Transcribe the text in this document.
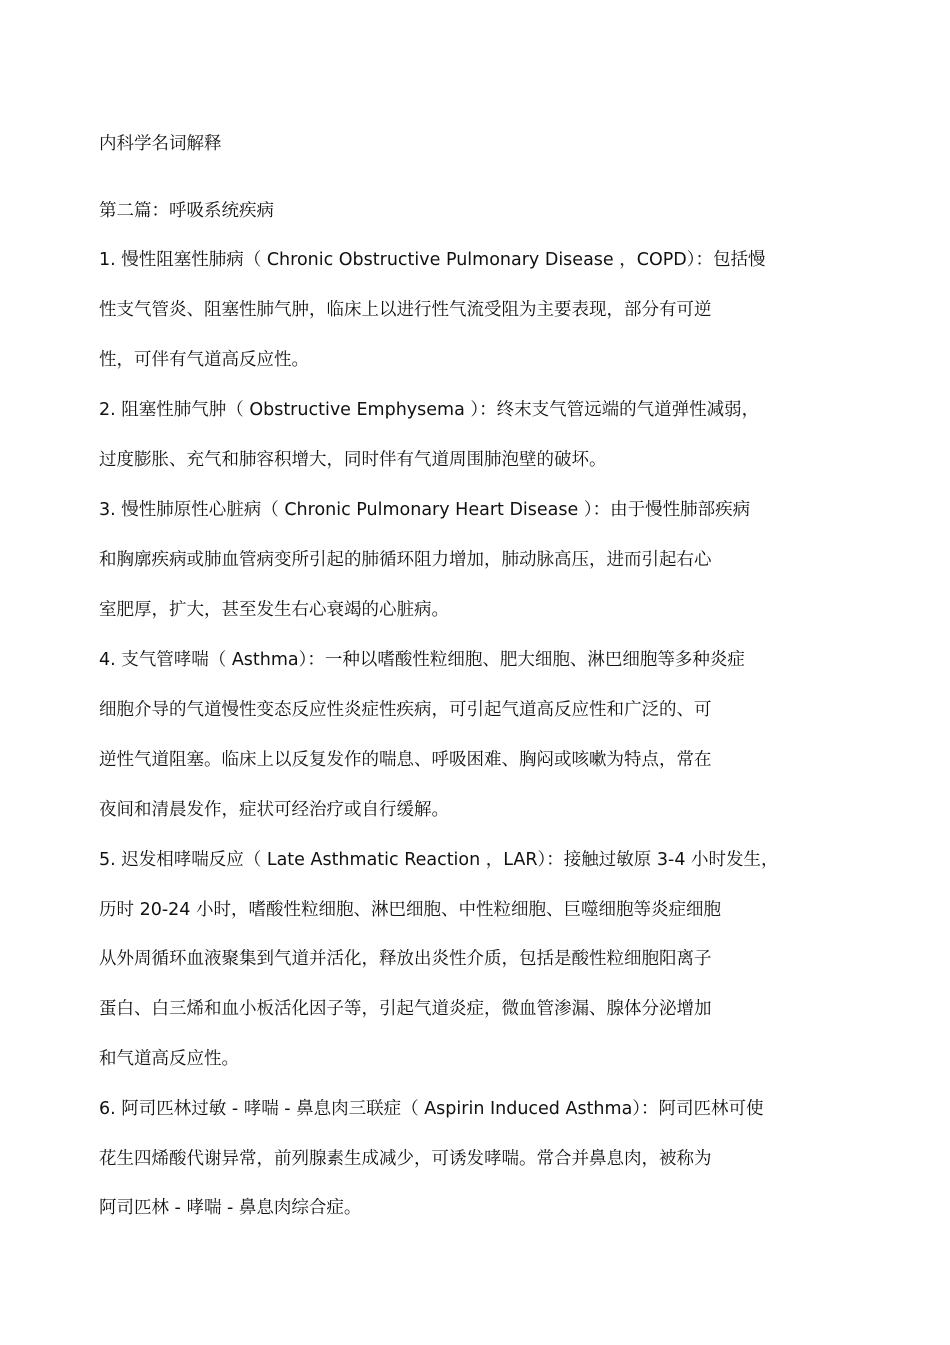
内科学名词解释
第二篇：呼吸系统疾病
1. 慢性阻塞性肺病（ Chronic Obstructive Pulmonary Disease ，COPD）：包括慢
性支气管炎、阻塞性肺气肿，临床上以进行性气流受阻为主要表现，部分有可逆
性，可伴有气道高反应性。
2. 阻塞性肺气肿（ Obstructive Emphysema ）：终末支气管远端的气道弹性减弱，
过度膨胀、充气和肺容积增大，同时伴有气道周围肺泡壁的破坏。
3. 慢性肺原性心脏病（ Chronic Pulmonary Heart Disease ）：由于慢性肺部疾病
和胸廓疾病或肺血管病变所引起的肺循环阻力增加，肺动脉高压，进而引起右心
室肥厚，扩大，甚至发生右心衰竭的心脏病。
4. 支气管哮喘（ Asthma）：一种以嗜酸性粒细胞、肥大细胞、淋巴细胞等多种炎症
细胞介导的气道慢性变态反应性炎症性疾病，可引起气道高反应性和广泛的、可
逆性气道阻塞。临床上以反复发作的喘息、呼吸困难、胸闷或咳嗽为特点，常在
夜间和清晨发作，症状可经治疗或自行缓解。
5. 迟发相哮喘反应（ Late Asthmatic Reaction ，LAR）：接触过敏原 3-4 小时发生，
历时 20-24 小时，嗜酸性粒细胞、淋巴细胞、中性粒细胞、巨噬细胞等炎症细胞
从外周循环血液聚集到气道并活化，释放出炎性介质，包括是酸性粒细胞阳离子
蛋白、白三烯和血小板活化因子等，引起气道炎症，微血管渗漏、腺体分泌增加
和气道高反应性。
6. 阿司匹林过敏 - 哮喘 - 鼻息肉三联症（ Aspirin Induced Asthma）：阿司匹林可使
花生四烯酸代谢异常，前列腺素生成减少，可诱发哮喘。常合并鼻息肉，被称为
阿司匹林 - 哮喘 - 鼻息肉综合症。
